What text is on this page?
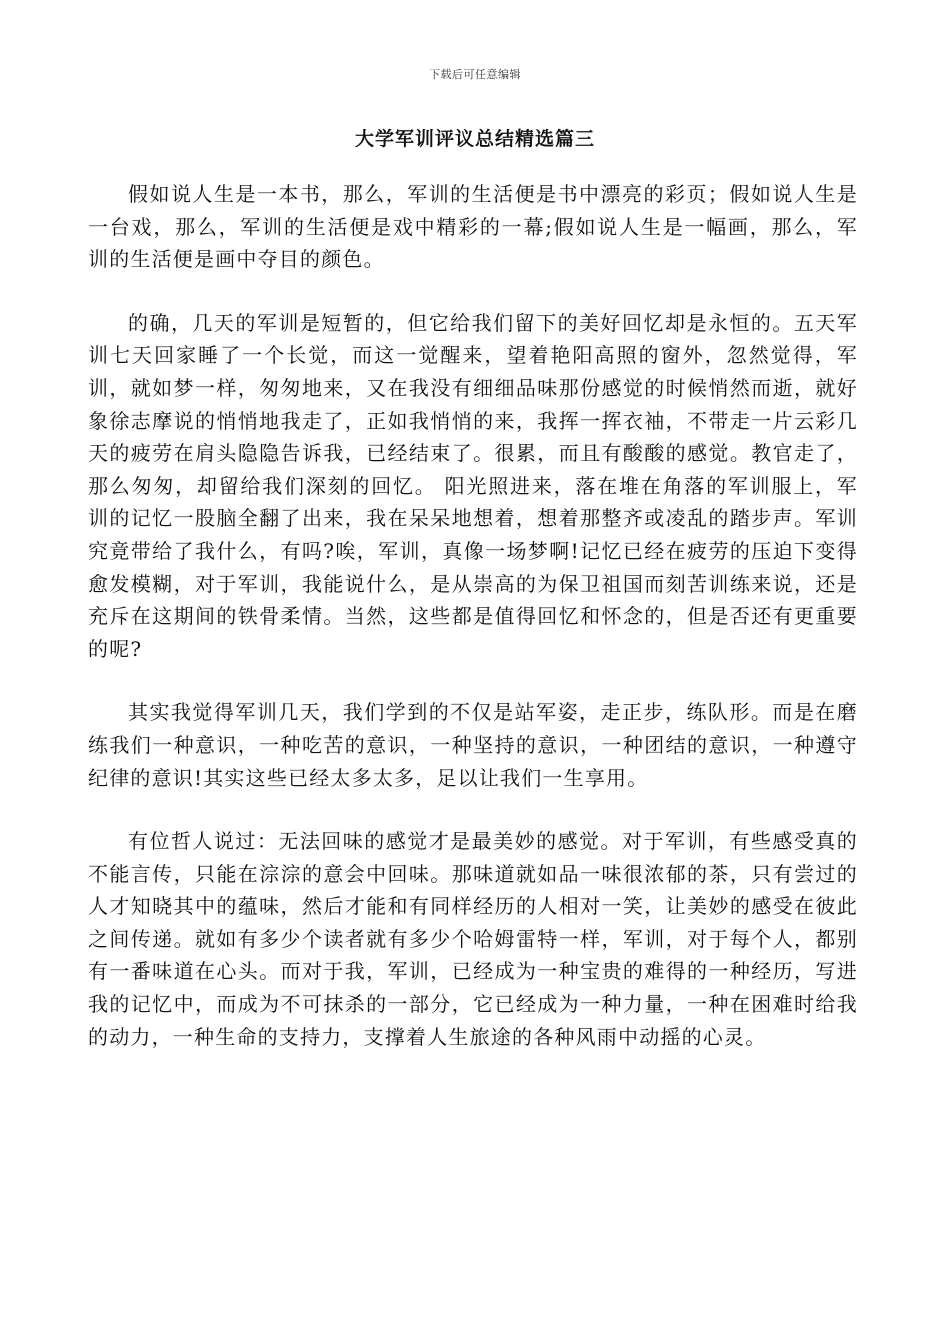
下载后可任意编辑
大学军训评议总结精选篇三

假如说人生是一本书，那么，军训的生活便是书中漂亮的彩页；假如说人生是一台戏，那么，军训的生活便是戏中精彩的一幕;假如说人生是一幅画，那么，军训的生活便是画中夺目的颜色。

的确，几天的军训是短暂的，但它给我们留下的美好回忆却是永恒的。五天军训七天回家睡了一个长觉，而这一觉醒来，望着艳阳高照的窗外，忽然觉得，军训，就如梦一样，匆匆地来，又在我没有细细品味那份感觉的时候悄然而逝，就好象徐志摩说的悄悄地我走了，正如我悄悄的来，我挥一挥衣袖，不带走一片云彩几天的疲劳在肩头隐隐告诉我，已经结束了。很累，而且有酸酸的感觉。教官走了，那么匆匆，却留给我们深刻的回忆。 阳光照进来，落在堆在角落的军训服上，军训的记忆一股脑全翻了出来，我在呆呆地想着，想着那整齐或凌乱的踏步声。军训究竟带给了我什么，有吗?唉，军训，真像一场梦啊!记忆已经在疲劳的压迫下变得愈发模糊，对于军训，我能说什么，是从崇高的为保卫祖国而刻苦训练来说，还是充斥在这期间的铁骨柔情。当然，这些都是值得回忆和怀念的，但是否还有更重要的呢?

其实我觉得军训几天，我们学到的不仅是站军姿，走正步，练队形。而是在磨练我们一种意识，一种吃苦的意识，一种坚持的意识，一种团结的意识，一种遵守纪律的意识!其实这些已经太多太多，足以让我们一生享用。

有位哲人说过：无法回味的感觉才是最美妙的感觉。对于军训，有些感受真的不能言传，只能在淙淙的意会中回味。那味道就如品一味很浓郁的茶，只有尝过的人才知晓其中的蕴味，然后才能和有同样经历的人相对一笑，让美妙的感受在彼此之间传递。就如有多少个读者就有多少个哈姆雷特一样，军训，对于每个人，都别有一番味道在心头。而对于我，军训，已经成为一种宝贵的难得的一种经历，写进我的记忆中，而成为不可抹杀的一部分，它已经成为一种力量，一种在困难时给我的动力，一种生命的支持力，支撑着人生旅途的各种风雨中动摇的心灵。
